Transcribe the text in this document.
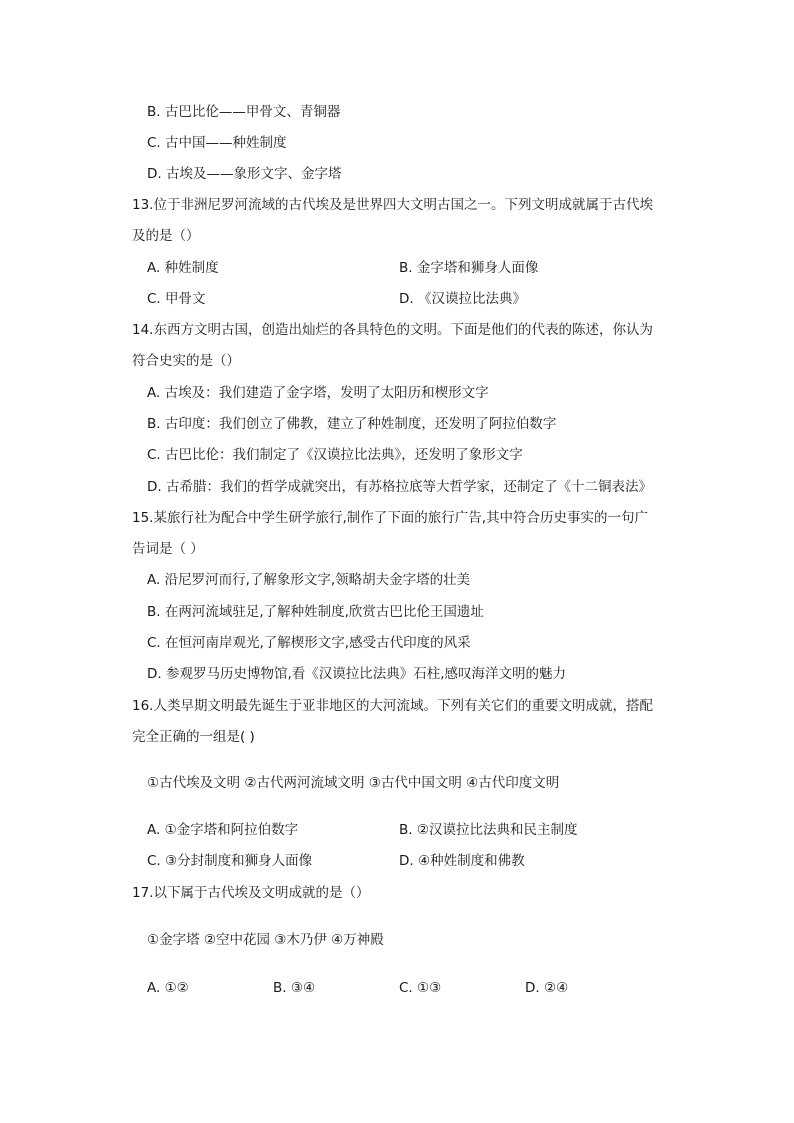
B. 古巴比伦——甲骨文、青铜器
C. 古中国——种姓制度
D. 古埃及——象形文字、金字塔
13.位于非洲尼罗河流域的古代埃及是世界四大文明古国之一。下列文明成就属于古代埃
及的是（）
A. 种姓制度	B. 金字塔和狮身人面像
C. 甲骨文	D. 《汉谟拉比法典》
14.东西方文明古国，创造出灿烂的各具特色的文明。下面是他们的代表的陈述，你认为
符合史实的是（）
A. 古埃及：我们建造了金字塔，发明了太阳历和楔形文字
B. 古印度：我们创立了佛教，建立了种姓制度，还发明了阿拉伯数字
C. 古巴比伦：我们制定了《汉谟拉比法典》，还发明了象形文字
D. 古希腊：我们的哲学成就突出，有苏格拉底等大哲学家，还制定了《十二铜表法》
15.某旅行社为配合中学生研学旅行,制作了下面的旅行广告,其中符合历史事实的一句广
告词是（ ）
A. 沿尼罗河而行,了解象形文字,领略胡夫金字塔的壮美
B. 在两河流域驻足,了解种姓制度,欣赏古巴比伦王国遗址
C. 在恒河南岸观光,了解楔形文字,感受古代印度的风采
D. 参观罗马历史博物馆,看《汉谟拉比法典》石柱,感叹海洋文明的魅力
16.人类早期文明最先诞生于亚非地区的大河流域。下列有关它们的重要文明成就，搭配
完全正确的一组是( )
①古代埃及文明 ②古代两河流域文明 ③古代中国文明 ④古代印度文明
A. ①金字塔和阿拉伯数字	B. ②汉谟拉比法典和民主制度
C. ③分封制度和狮身人面像	D. ④种姓制度和佛教
17.以下属于古代埃及文明成就的是（）
①金字塔 ②空中花园 ③木乃伊 ④万神殿
A. ①②	B. ③④	C. ①③	D. ②④
